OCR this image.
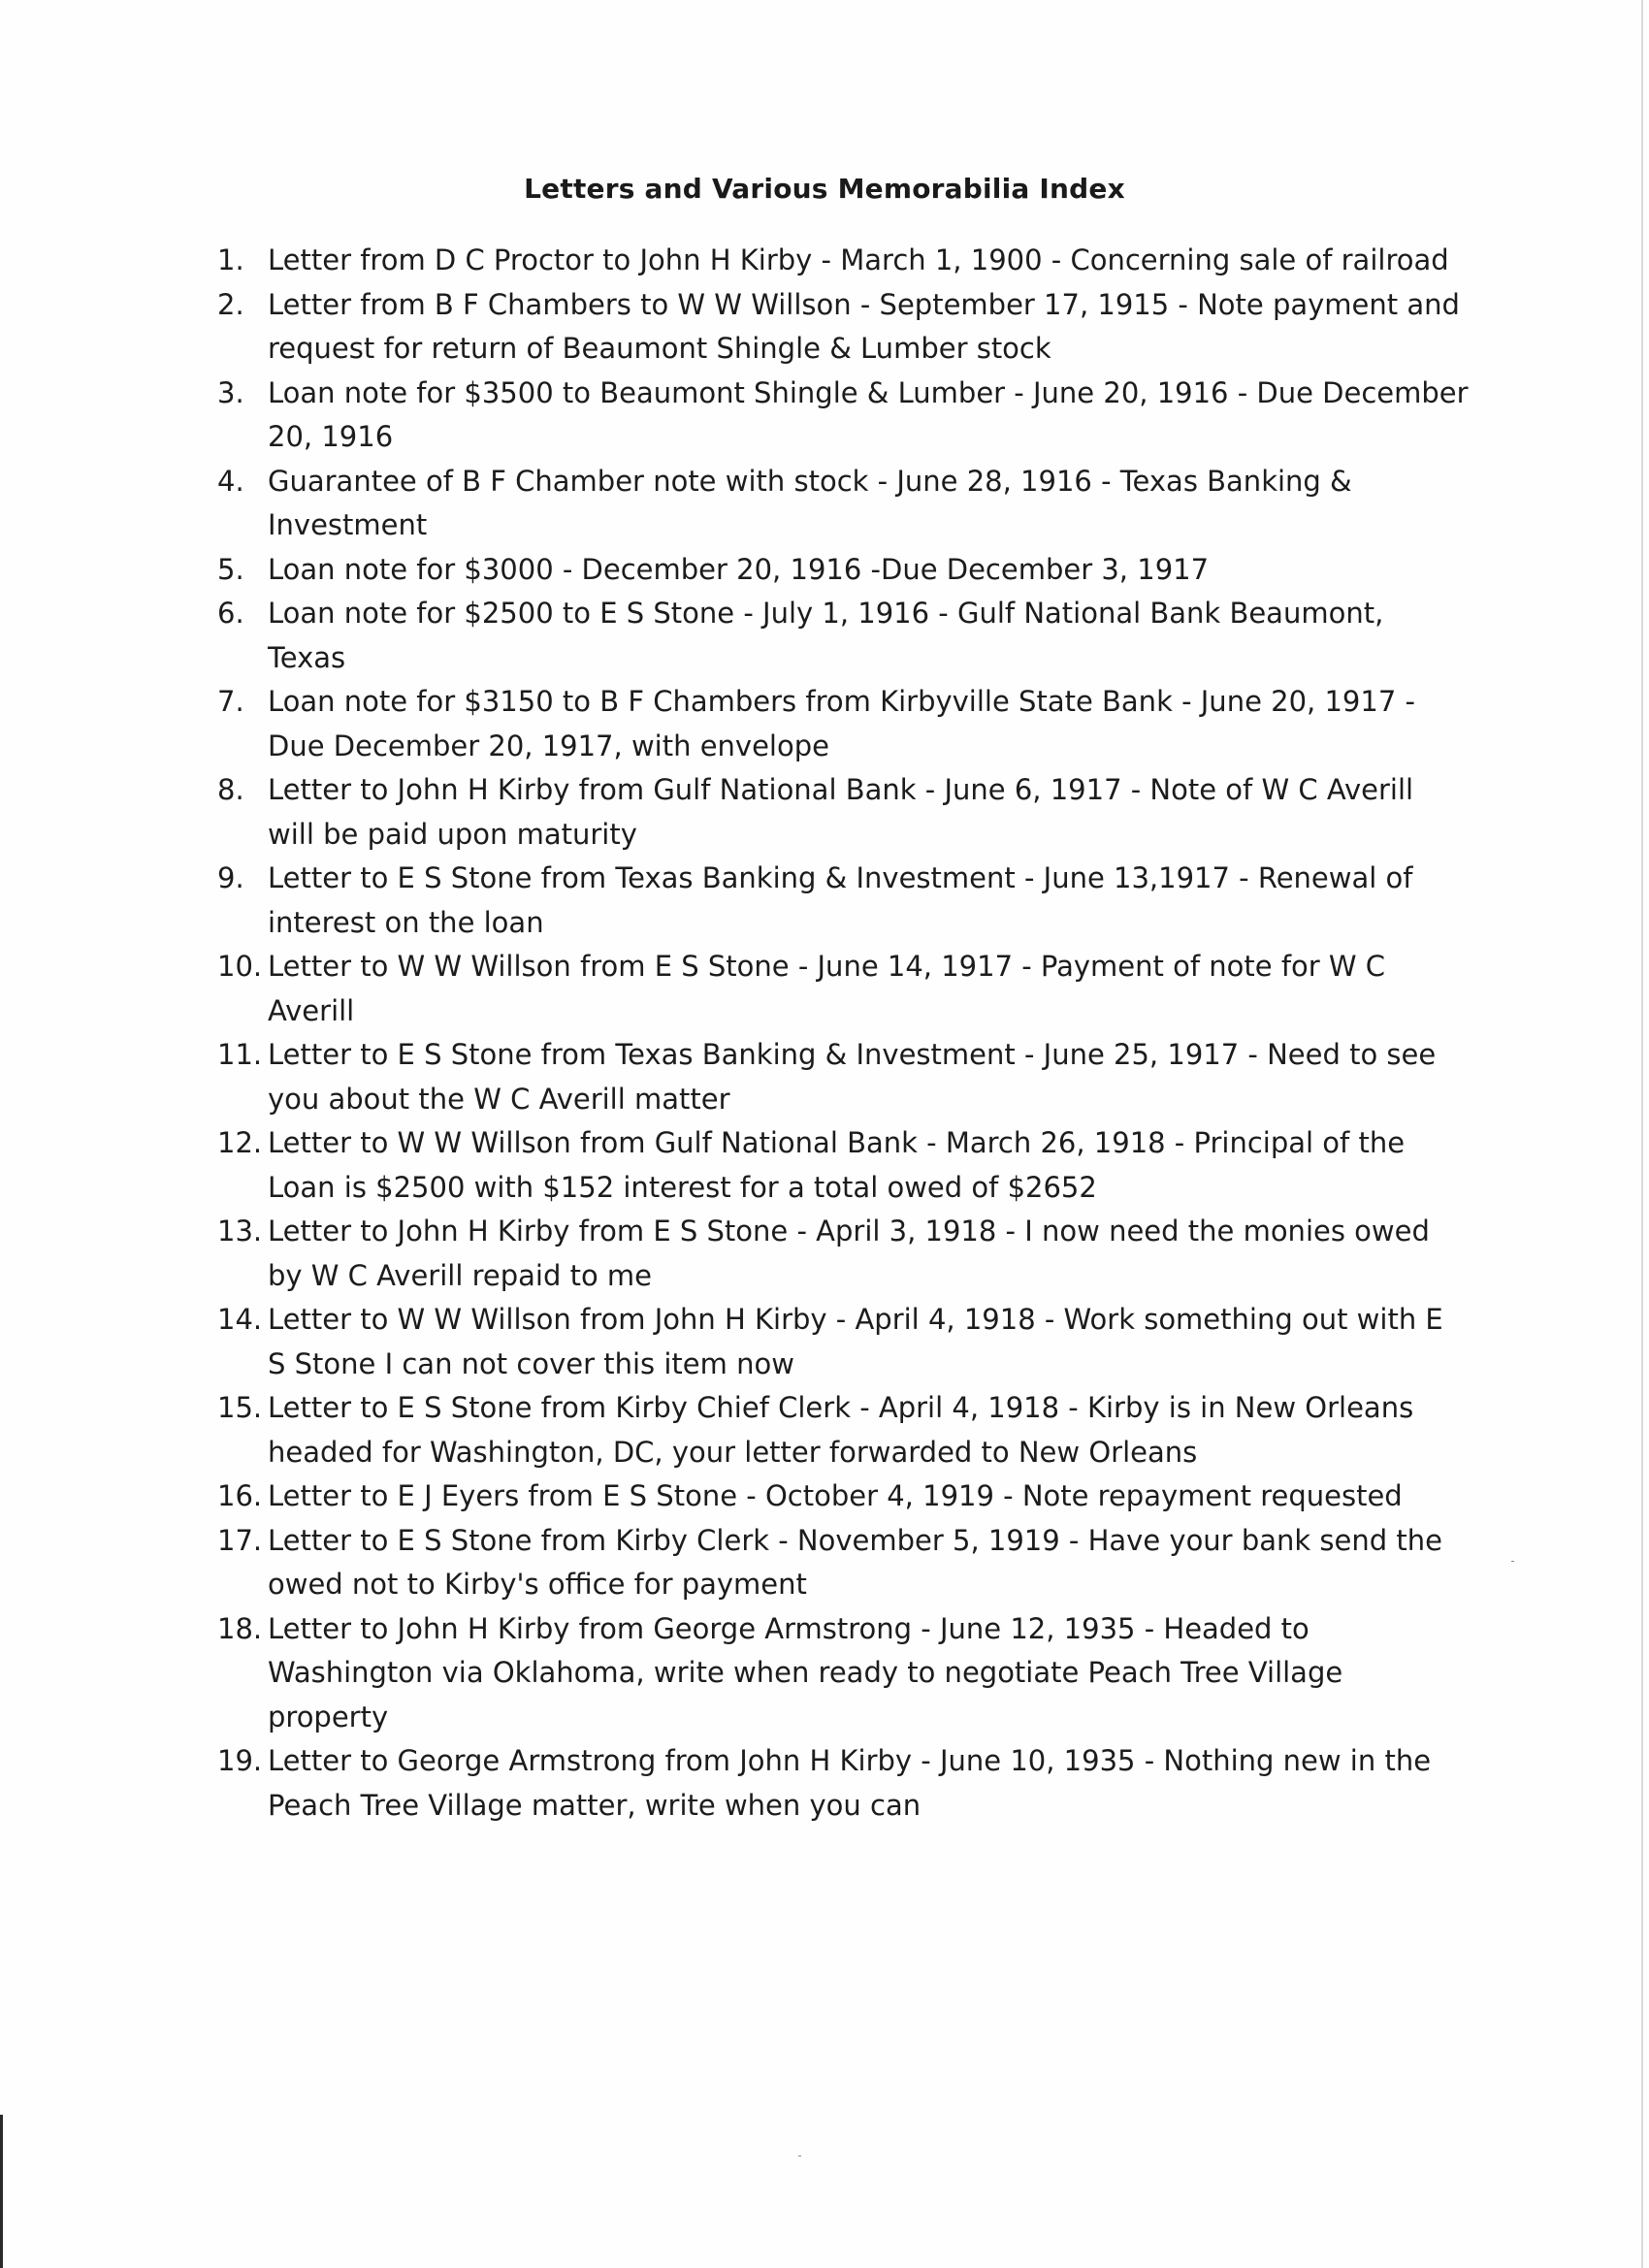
Letters and Various Memorabilia Index
1. Letter from D C Proctor to John H Kirby - March 1, 1900 - Concerning sale of railroad
2. Letter from B F Chambers to W W Willson - September 17, 1915 - Note payment and request for return of Beaumont Shingle & Lumber stock
3. Loan note for $3500 to Beaumont Shingle & Lumber - June 20, 1916 - Due December 20, 1916
4. Guarantee of B F Chamber note with stock - June 28, 1916 - Texas Banking & Investment
5. Loan note for $3000 - December 20, 1916 -Due December 3, 1917
6. Loan note for $2500 to E S Stone - July 1, 1916 - Gulf National Bank Beaumont, Texas
7. Loan note for $3150 to B F Chambers from Kirbyville State Bank - June 20, 1917 - Due December 20, 1917, with envelope
8. Letter to John H Kirby from Gulf National Bank - June 6, 1917 - Note of W C Averill will be paid upon maturity
9. Letter to E S Stone from Texas Banking & Investment - June 13,1917 - Renewal of interest on the loan
10. Letter to W W Willson from E S Stone - June 14, 1917 - Payment of note for W C Averill
11. Letter to E S Stone from Texas Banking & Investment - June 25, 1917 - Need to see you about the W C Averill matter
12. Letter to W W Willson from Gulf National Bank - March 26, 1918 - Principal of the Loan is $2500 with $152 interest for a total owed of $2652
13. Letter to John H Kirby from E S Stone - April 3, 1918 - I now need the monies owed by W C Averill repaid to me
14. Letter to W W Willson from John H Kirby - April 4, 1918 - Work something out with E S Stone I can not cover this item now
15. Letter to E S Stone from Kirby Chief Clerk - April 4, 1918 - Kirby is in New Orleans headed for Washington, DC, your letter forwarded to New Orleans
16. Letter to E J Eyers from E S Stone - October 4, 1919 - Note repayment requested
17. Letter to E S Stone from Kirby Clerk - November 5, 1919 - Have your bank send the owed not to Kirby's office for payment
18. Letter to John H Kirby from George Armstrong - June 12, 1935 - Headed to Washington via Oklahoma, write when ready to negotiate Peach Tree Village property
19. Letter to George Armstrong from John H Kirby - June 10, 1935 - Nothing new in the Peach Tree Village matter, write when you can
